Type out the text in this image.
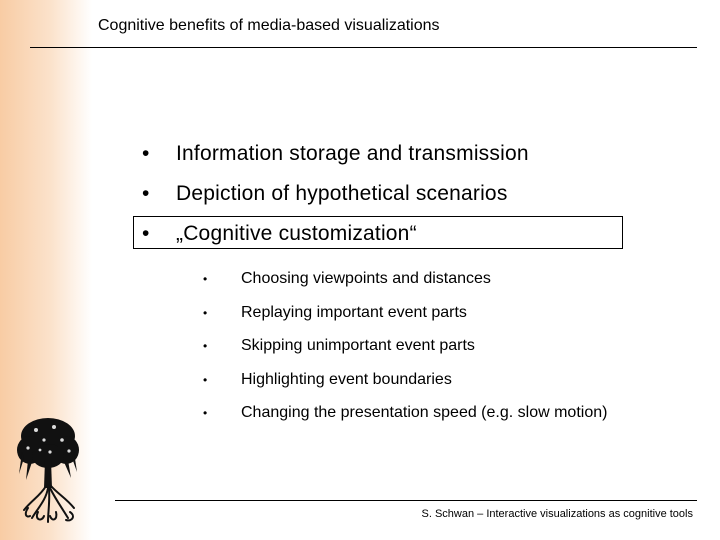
Cognitive benefits of media-based visualizations
• Information storage and transmission
• Depiction of hypothetical scenarios
• „Cognitive customization“
• Choosing viewpoints and distances
• Replaying important event parts
• Skipping unimportant event parts
• Highlighting event boundaries
• Changing the presentation speed (e.g. slow motion)
S. Schwan – Interactive visualizations as cognitive tools
